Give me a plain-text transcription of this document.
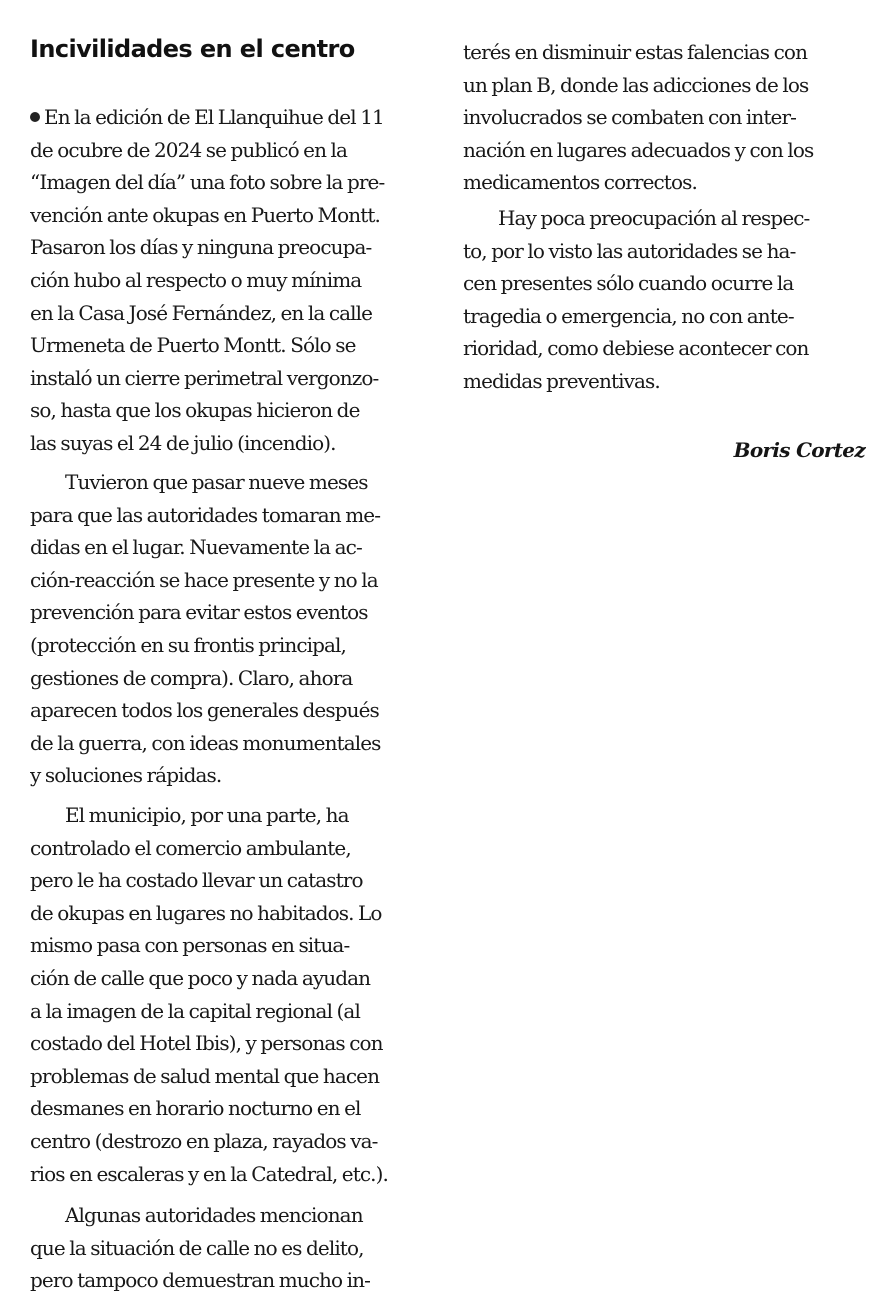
Incivilidades en el centro
En la edición de El Llanquihue del 11
de ocubre de 2024 se publicó en la
“Imagen del día” una foto sobre la pre-
vención ante okupas en Puerto Montt.
Pasaron los días y ninguna preocupa-
ción hubo al respecto o muy mínima
en la Casa José Fernández, en la calle
Urmeneta de Puerto Montt. Sólo se
instaló un cierre perimetral vergonzo-
so, hasta que los okupas hicieron de
las suyas el 24 de julio (incendio).
Tuvieron que pasar nueve meses
para que las autoridades tomaran me-
didas en el lugar. Nuevamente la ac-
ción-reacción se hace presente y no la
prevención para evitar estos eventos
(protección en su frontis principal,
gestiones de compra). Claro, ahora
aparecen todos los generales después
de la guerra, con ideas monumentales
y soluciones rápidas.
El municipio, por una parte, ha
controlado el comercio ambulante,
pero le ha costado llevar un catastro
de okupas en lugares no habitados. Lo
mismo pasa con personas en situa-
ción de calle que poco y nada ayudan
a la imagen de la capital regional (al
costado del Hotel Ibis), y personas con
problemas de salud mental que hacen
desmanes en horario nocturno en el
centro (destrozo en plaza, rayados va-
rios en escaleras y en la Catedral, etc.).
Algunas autoridades mencionan
que la situación de calle no es delito,
pero tampoco demuestran mucho in-
terés en disminuir estas falencias con
un plan B, donde las adicciones de los
involucrados se combaten con inter-
nación en lugares adecuados y con los
medicamentos correctos.
Hay poca preocupación al respec-
to, por lo visto las autoridades se ha-
cen presentes sólo cuando ocurre la
tragedia o emergencia, no con ante-
rioridad, como debiese acontecer con
medidas preventivas.

Boris Cortez
